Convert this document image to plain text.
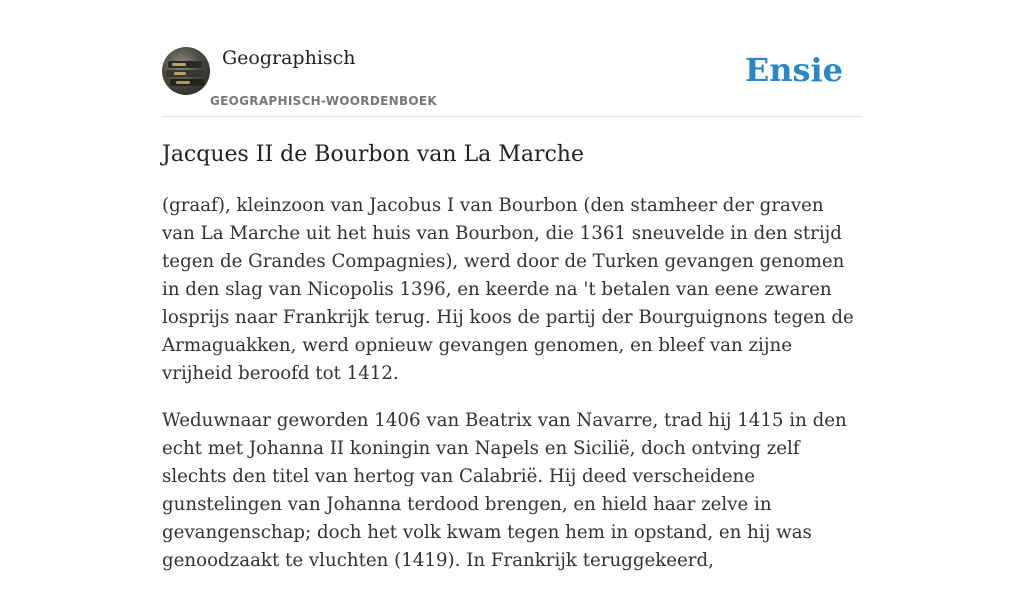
Geographisch
GEOGRAPHISCH-WOORDENBOEK
Ensie
Jacques II de Bourbon van La Marche

(graaf), kleinzoon van Jacobus I van Bourbon (den stamheer der graven van La Marche uit het huis van Bourbon, die 1361 sneuvelde in den strijd tegen de Grandes Compagnies), werd door de Turken gevangen genomen in den slag van Nicopolis 1396, en keerde na 't betalen van eene zwaren losprijs naar Frankrijk terug. Hij koos de partij der Bourguignons tegen de Armaguakken, werd opnieuw gevangen genomen, en bleef van zijne vrijheid beroofd tot 1412.

Weduwnaar geworden 1406 van Beatrix van Navarre, trad hij 1415 in den echt met Johanna II koningin van Napels en Sicilië, doch ontving zelf slechts den titel van hertog van Calabrië. Hij deed verscheidene gunstelingen van Johanna terdood brengen, en hield haar zelve in gevangenschap; doch het volk kwam tegen hem in opstand, en hij was genoodzaakt te vluchten (1419). In Frankrijk teruggekeerd,
